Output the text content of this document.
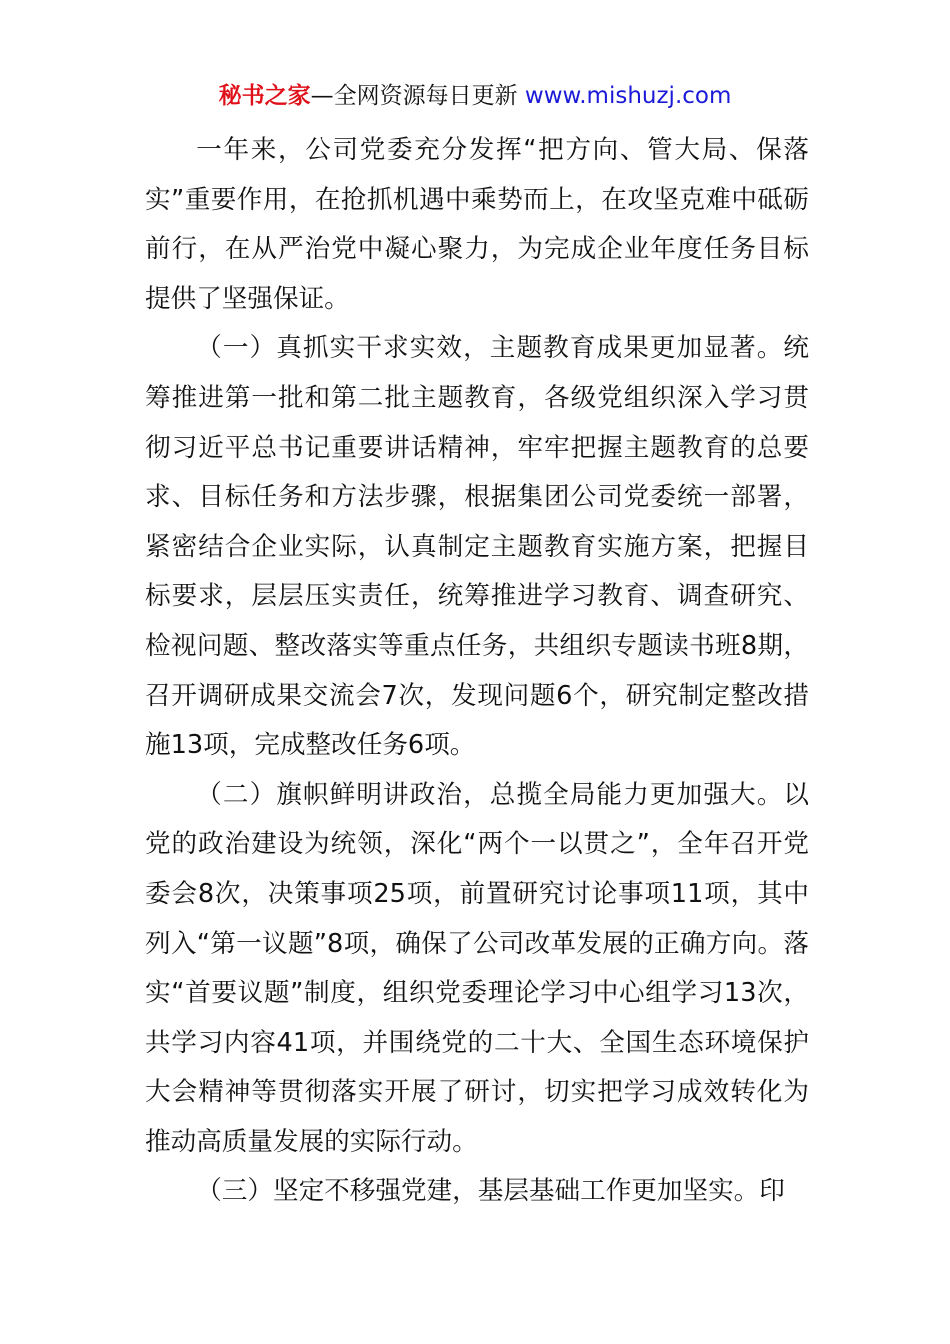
秘书之家—全网资源每日更新 www.mishuzj.com

一年来，公司党委充分发挥“把方向、管大局、保落实”重要作用，在抢抓机遇中乘势而上，在攻坚克难中砥砺前行，在从严治党中凝心聚力，为完成企业年度任务目标提供了坚强保证。

（一）真抓实干求实效，主题教育成果更加显著。统筹推进第一批和第二批主题教育，各级党组织深入学习贯彻习近平总书记重要讲话精神，牢牢把握主题教育的总要求、目标任务和方法步骤，根据集团公司党委统一部署，紧密结合企业实际，认真制定主题教育实施方案，把握目标要求，层层压实责任，统筹推进学习教育、调查研究、检视问题、整改落实等重点任务，共组织专题读书班8期，召开调研成果交流会7次，发现问题6个，研究制定整改措施13项，完成整改任务6项。

（二）旗帜鲜明讲政治，总揽全局能力更加强大。以党的政治建设为统领，深化“两个一以贯之”，全年召开党委会8次，决策事项25项，前置研究讨论事项11项，其中列入“第一议题”8项，确保了公司改革发展的正确方向。落实“首要议题”制度，组织党委理论学习中心组学习13次，共学习内容41项，并围绕党的二十大、全国生态环境保护大会精神等贯彻落实开展了研讨，切实把学习成效转化为推动高质量发展的实际行动。

（三）坚定不移强党建，基层基础工作更加坚实。印
